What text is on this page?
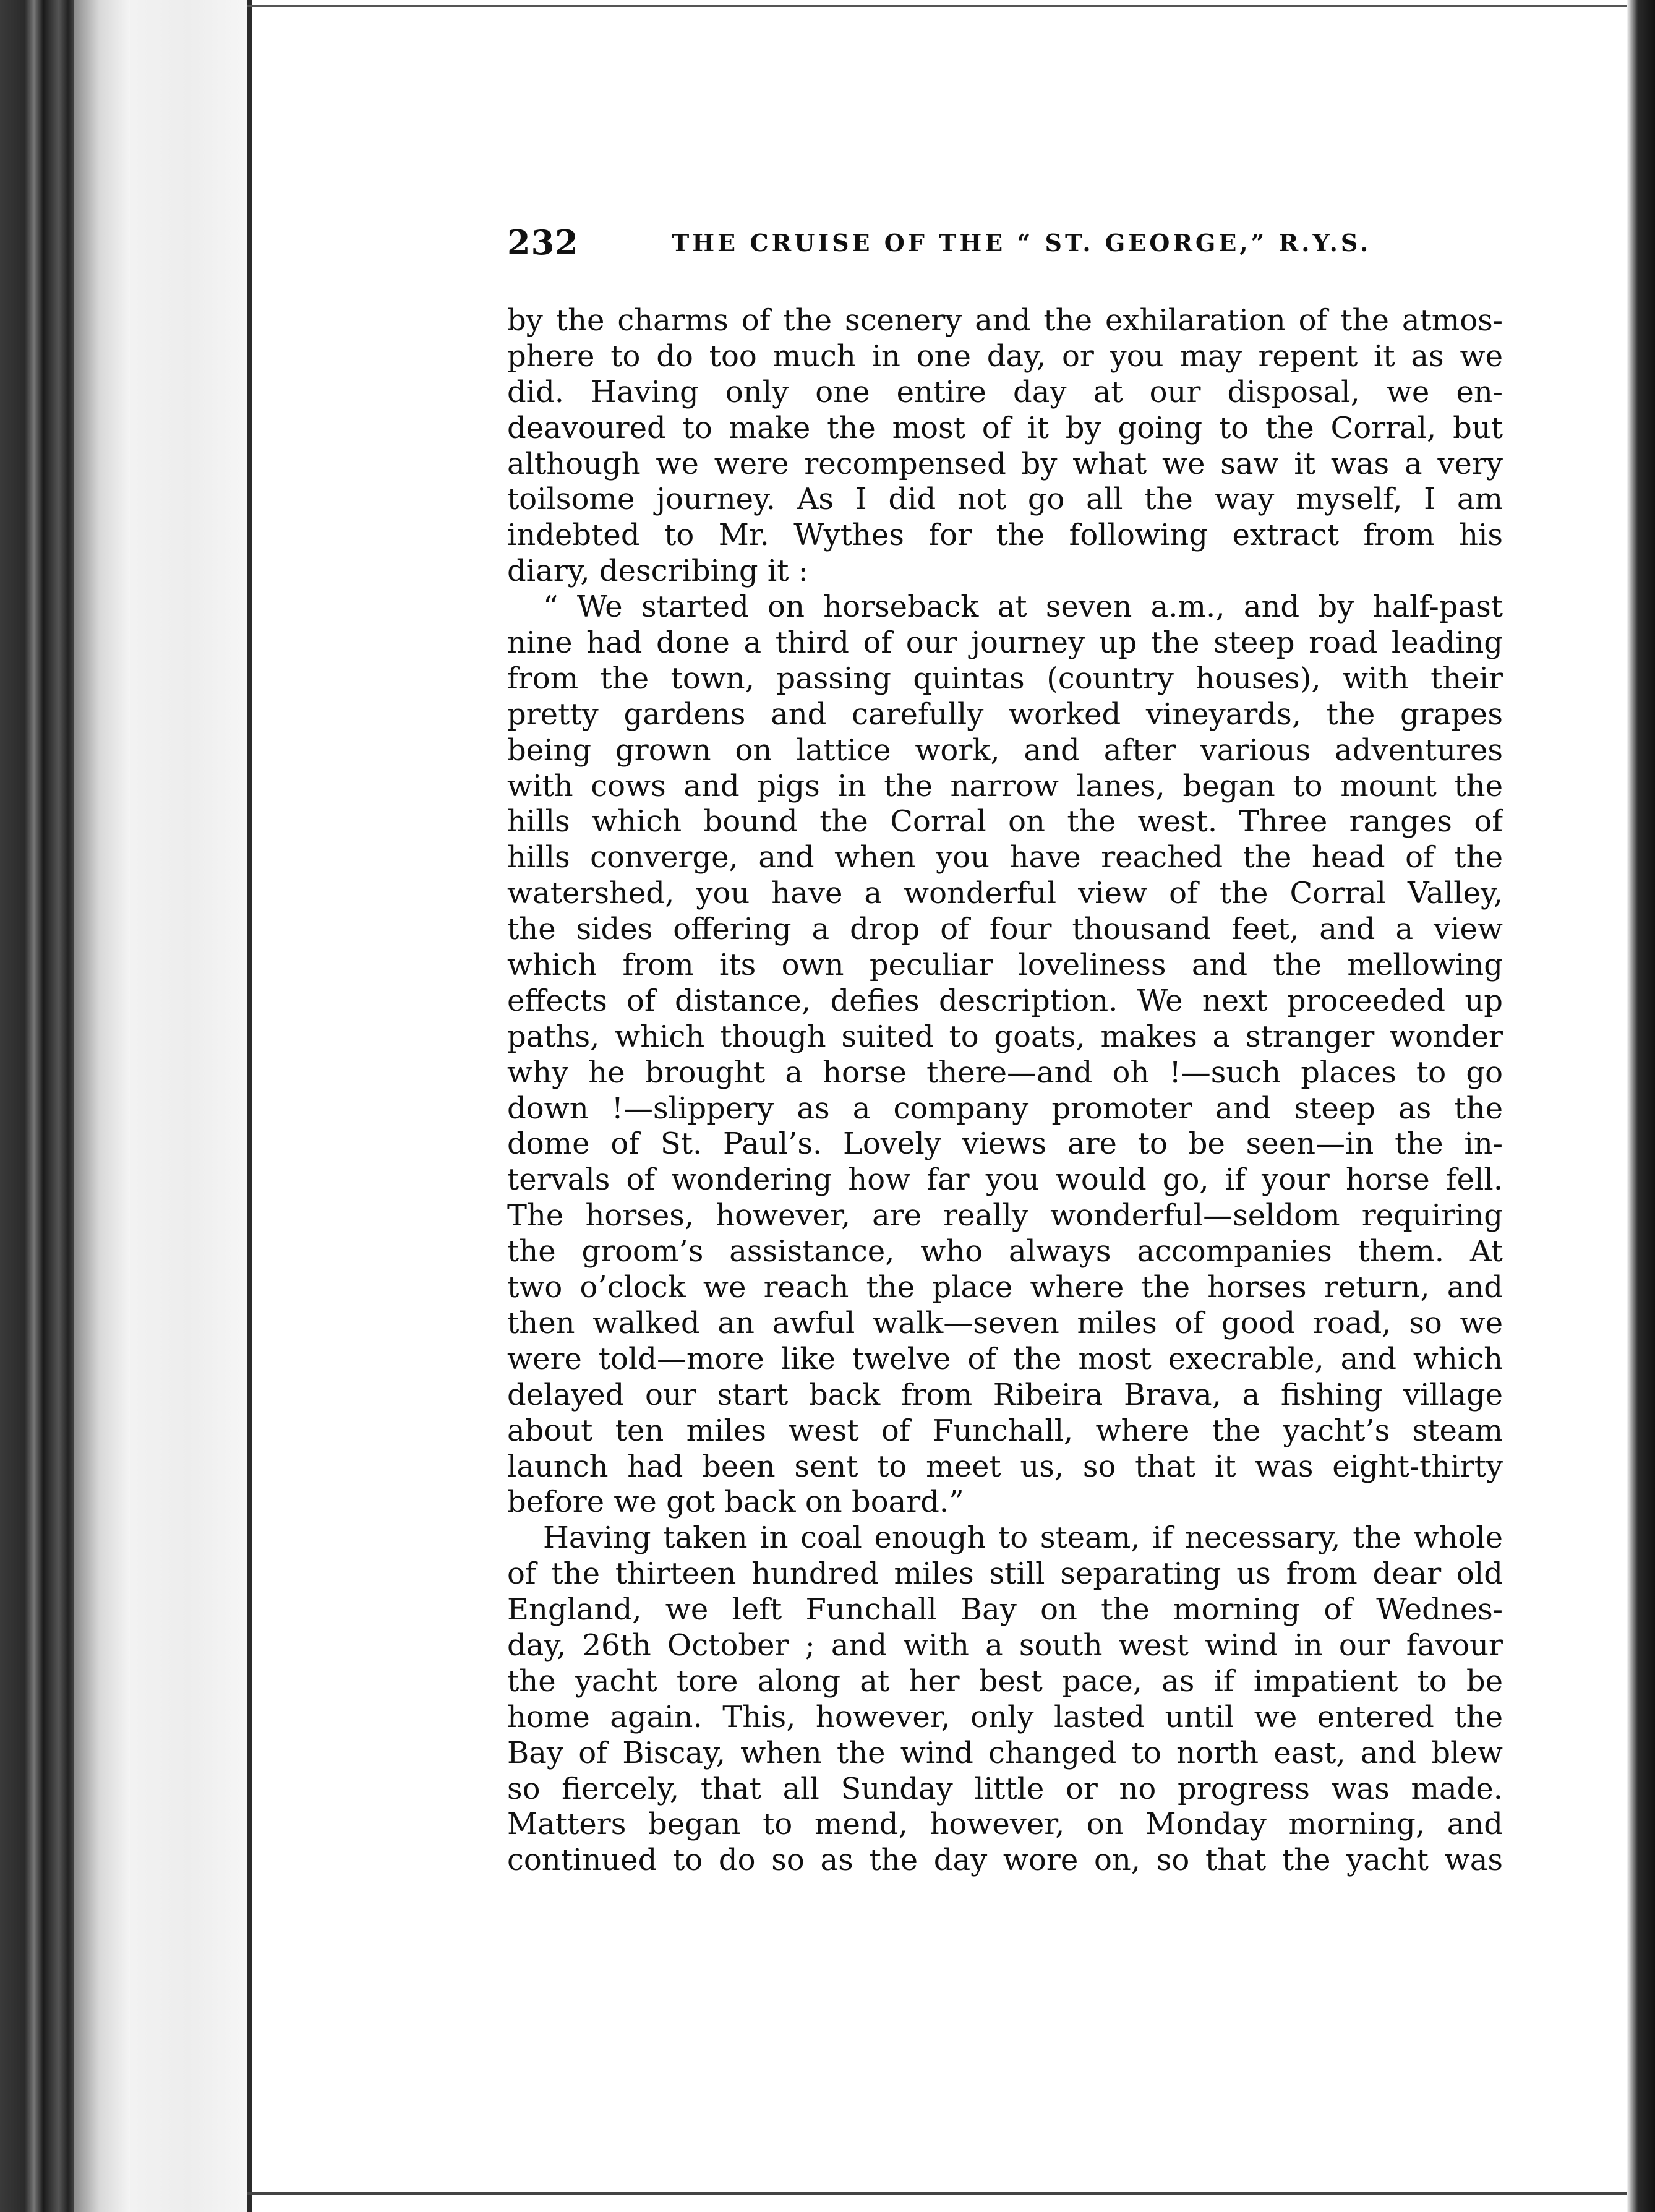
232	THE CRUISE OF THE “ ST. GEORGE,” R.Y.S.
by the charms of the scenery and the exhilaration of the atmos-
phere to do too much in one day, or you may repent it as we
did. Having only one entire day at our disposal, we en-
deavoured to make the most of it by going to the Corral, but
although we were recompensed by what we saw it was a very
toilsome journey. As I did not go all the way myself, I am
indebted to Mr. Wythes for the following extract from his
diary, describing it :
“ We started on horseback at seven a.m., and by half-past
nine had done a third of our journey up the steep road leading
from the town, passing quintas (country houses), with their
pretty gardens and carefully worked vineyards, the grapes
being grown on lattice work, and after various adventures
with cows and pigs in the narrow lanes, began to mount the
hills which bound the Corral on the west. Three ranges of
hills converge, and when you have reached the head of the
watershed, you have a wonderful view of the Corral Valley,
the sides offering a drop of four thousand feet, and a view
which from its own peculiar loveliness and the mellowing
effects of distance, defies description. We next proceeded up
paths, which though suited to goats, makes a stranger wonder
why he brought a horse there—and oh !—such places to go
down !—slippery as a company promoter and steep as the
dome of St. Paul’s. Lovely views are to be seen—in the in-
tervals of wondering how far you would go, if your horse fell.
The horses, however, are really wonderful—seldom requiring
the groom’s assistance, who always accompanies them. At
two o’clock we reach the place where the horses return, and
then walked an awful walk—seven miles of good road, so we
were told—more like twelve of the most execrable, and which
delayed our start back from Ribeira Brava, a fishing village
about ten miles west of Funchall, where the yacht’s steam
launch had been sent to meet us, so that it was eight-thirty
before we got back on board.”
Having taken in coal enough to steam, if necessary, the whole
of the thirteen hundred miles still separating us from dear old
England, we left Funchall Bay on the morning of Wednes-
day, 26th October ; and with a south west wind in our favour
the yacht tore along at her best pace, as if impatient to be
home again. This, however, only lasted until we entered the
Bay of Biscay, when the wind changed to north east, and blew
so fiercely, that all Sunday little or no progress was made.
Matters began to mend, however, on Monday morning, and
continued to do so as the day wore on, so that the yacht was
